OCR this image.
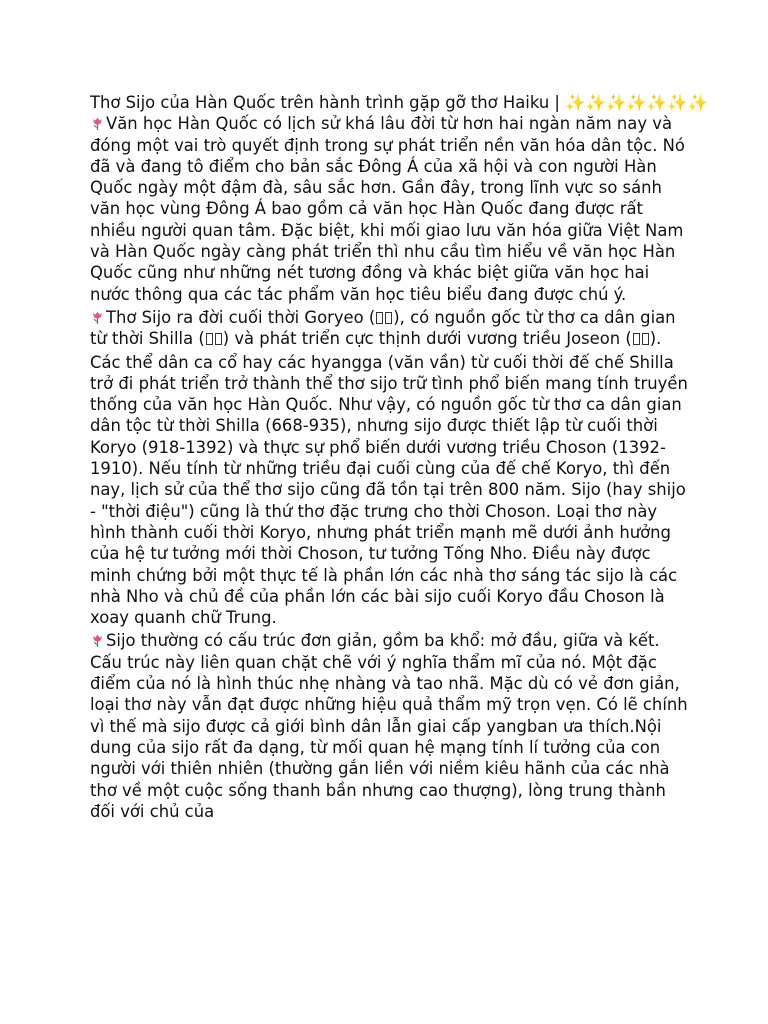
Thơ Sijo của Hàn Quốc trên hành trình gặp gỡ thơ Haiku | ✨✨✨✨✨✨✨

Văn học Hàn Quốc có lịch sử khá lâu đời từ hơn hai ngàn năm nay và đóng một vai trò quyết định trong sự phát triển nền văn hóa dân tộc. Nó đã và đang tô điểm cho bản sắc Đông Á của xã hội và con người Hàn Quốc ngày một đậm đà, sâu sắc hơn. Gần đây, trong lĩnh vực so sánh văn học vùng Đông Á bao gồm cả văn học Hàn Quốc đang được rất nhiều người quan tâm. Đặc biệt, khi mối giao lưu văn hóa giữa Việt Nam và Hàn Quốc ngày càng phát triển thì nhu cầu tìm hiểu về văn học Hàn Quốc cũng như những nét tương đồng và khác biệt giữa văn học hai nước thông qua các tác phẩm văn học tiêu biểu đang được chú ý.

Thơ Sijo ra đời cuối thời Goryeo ( ), có nguồn gốc từ thơ ca dân gian từ thời Shilla ( ) và phát triển cực thịnh dưới vương triều Joseon ( ).

Các thể dân ca cổ hay các hyangga (văn vần) từ cuối thời đế chế Shilla trở đi phát triển trở thành thể thơ sijo trữ tình phổ biến mang tính truyền thống của văn học Hàn Quốc. Như vậy, có nguồn gốc từ thơ ca dân gian dân tộc từ thời Shilla (668-935), nhưng sijo được thiết lập từ cuối thời Koryo (918-1392) và thực sự phổ biến dưới vương triều Choson (1392-1910). Nếu tính từ những triều đại cuối cùng của đế chế Koryo, thì đến nay, lịch sử của thể thơ sijo cũng đã tồn tại trên 800 năm. Sijo (hay shijo - "thời điệu") cũng là thứ thơ đặc trưng cho thời Choson. Loại thơ này hình thành cuối thời Koryo, nhưng phát triển mạnh mẽ dưới ảnh hưởng của hệ tư tưởng mới thời Choson, tư tưởng Tống Nho. Điều này được minh chứng bởi một thực tế là phần lớn các nhà thơ sáng tác sijo là các nhà Nho và chủ đề của phần lớn các bài sijo cuối Koryo đầu Choson là xoay quanh chữ Trung.

Sijo thường có cấu trúc đơn giản, gồm ba khổ: mở đầu, giữa và kết. Cấu trúc này liên quan chặt chẽ với ý nghĩa thẩm mĩ của nó. Một đặc điểm của nó là hình thúc nhẹ nhàng và tao nhã. Mặc dù có vẻ đơn giản, loại thơ này vẫn đạt được những hiệu quả thẩm mỹ trọn vẹn. Có lẽ chính vì thế mà sijo được cả giới bình dân lẫn giai cấp yangban ưa thích.Nội dung của sijo rất đa dạng, từ mối quan hệ mạng tính lí tưởng của con người với thiên nhiên (thường gắn liền với niềm kiêu hãnh của các nhà thơ về một cuộc sống thanh bần nhưng cao thượng), lòng trung thành đối với chủ của
